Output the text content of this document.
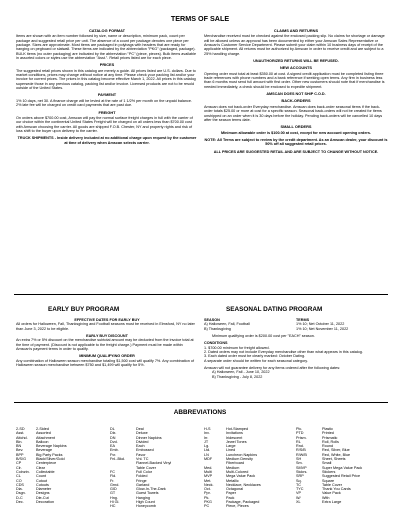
TERMS OF SALE
CATALOG FORMAT
Items are shown with an item number followed by size, name or description, minimum pack, count per package and suggested retail price per unit. The absence of a count per package denotes one piece per package. Sizes are approximate. Most items are packaged in polybags with headers that are ready for hanging on pegboard or slatwall. These items are indicated by the abbreviation "PKG" (packaged, package). BULK items (no outer packaging) are indicated by the abbreviation "PC" (piece, pieces). Bulk items available in assorted colors or styles use the abbreviation "Asst.". Retail prices listed are for each piece.
PRICES
The suggested retail prices shown in this catalog are merely a guide. All prices listed are U.S. dollars. Due to market conditions, prices may change without notice at any time. Please check your packing list and/or your invoice for current prices. The prices in this catalog become effective March 1, 2022. All prices in this catalog supersede those in any previous catalog, packing list and/or invoice. Licensed products are not to be resold outside of the United States.
PAYMENT
1% 10 days, net 30. A finance charge will be levied at the rate of 1 1/2% per month on the unpaid balance. 2% late fee will be charged on credit card payments that are past due.
FREIGHT
On orders above $700.00 cost, Amscan will pay the normal surface freight charges in full with the carrier of our choice within the continental United States Freight will be charged on all orders less than $700.00 cost with Amscan choosing the carrier. All goods are shipped F.O.B. Chester, NY and property rights and risk of loss shift to the buyer upon delivery to the carrier.
TRUCK SHIPMENTS - Inside delivery included at no additional charge upon request by the customer at time of delivery when Amscan selects carrier.
CLAIMS AND RETURNS
Merchandise received must be checked against the enclosed packing slip. No claims for shortage or damage will be allowed unless an approval has been documented by either your Amscan Sales Representative or Amscan's Customer Service Department. Please submit your claim within 10 business days of receipt of the applicable shipment. All returns must be authorized by Amscan in order to receive credit and are subject to a 25% handling charge.
UNAUTHORIZED RETURNS WILL BE REFUSED.
NEW ACCOUNTS
Opening order must total at least $350.00 at cost. A signed credit application must be completed listing three trade references with phone numbers and a bank reference if seeking open terms. Any firm in business less than 6 months must send full amount with first order. Other new customers should note that if merchandise is needed immediately, a check should be enclosed to expedite shipment.
AMSCAN DOES NOT SHIP C.O.D.
BACK-ORDERS
Amscan does not back-order Everyday merchandise. Amscan does back-order seasonal items if the back-order totals $25.00 or more at cost for a specific season. Seasonal back-orders will not be created for items unshipped on an order when it is 30 days before the holiday. Pending back-orders will be cancelled 10 days after the season terms date.
SMALL ORDERS
Minimum allowable order is $100.00 at cost, except for new account opening orders.
NOTE: All Terms are subject to review by the credit department. As an Amscan dealer, your discount is 50% off all suggested retail prices.
ALL PRICES ARE SUGGESTED RETAIL AND ARE SUBJECT TO CHANGE WITHOUT NOTICE.
EARLY BUY PROGRAM
EFFECTIVE DATES FOR EARLY BUY
All orders for Halloween, Fall, Thanksgiving and Football seasons must be received in Elmsford, NY no later than June 3, 2022 to be eligible.
EARLY BUY DISCOUNT
An extra 7% or 5% discount on the merchandise subtotal amount may be deducted from the invoice total at the time of payment. (Discount is not applicable to the freight charge.) Payment must be made within Amscan's payment terms in order to qualify.
MINIMUM QUALIFYING ORDER
Any combination of Halloween season merchandise totaling $1,500 cost will qualify 7%. Any combination of Halloween season merchandise between $750 and $1,499 will qualify for 5%.
SEASONAL DATING PROGRAM
SEASON	TERMS
A) Halloween, Fall, Football	1% 10; Net October 11, 2022
B) Thanksgiving	1% 10; Net November 11, 2022
Minimum qualifying order is $200.00 cost per "EACH" season.
CONDITIONS
1. $700.00 minimum for freight allowed.
2. Dated orders may not include Everyday merchandise other than what appears in this catalog.
3. Each dated order must be clearly marked: October Dating.
A separate order should be written for each seasonal category.
Amscan will not guarantee delivery for any items ordered after the following dates:
A) Halloween, Fall - June 10, 2022
B) Thanksgiving - July 8, 2022
ABBREVIATIONS
2-SD	2-Sided
Asst.	Assorted
Attchd.	Attachment
Bln.	Balloon
BN	Beverage Napkins
Bev.	Beverage
BPP	Big Party Packs
B/S/G	Black/Silver/Gold
CP	Centerpiece
Clr.	Clear
Colnztn.	Collectable
CL	Count
CO	Cutout
CDS	Cutouts
Dia.	Diameter
Dsgn.	Designs
D-C	Die-Cut
Dec.	Decoration
DL	Deal
Dlx.	Deluxe
DN	Dinner Napkins
Dvd.	Divided
EA	Each
Emb.	Embossed
Fvr.	Favor
Fnl.-Bkd.	Vnl. TC
Flannel-Backed Vinyl
Table Cover
FC	Full Color
Fld.	Folded
Fr.	Fringe
Grnd.	Garland
GID	Glow-In-The-Dark
GT	Guest Towels
Hng.	Hanging
Hi Gl.	High Count
HC	Honeycomb
H-S	Hot-Stamped
Inv.	Invitations
Irr.	Iridescent
JT	Jewel Tones
Lg.	Large
Ltd.	Lined
LN	Luncheon Napkins
MDF	Medium Density
Fiberboard
Med.	Medium
Multi	Multi-Colored
MVP	Mega Value Pack
Met.	Metallic
Neck.	Necklace, Necklaces
Oct.	Octagonal
Ppr.	Paper
Pk.	Pack
PKG	Package, Packaged
PC	Piece, Pieces
Plc.	Plastic
PTD	Printed
Prism.	Prismatic
RL	Roll, Rolls
Rnd.	Round
R/S/B	Red, Silver, Blue
R/W/B	Red, White, Blue
SH	Sheet, Sheets
Sm.	Small
SMVP	Super Mega Value Pack
Stckrs.	Stickers
SRP	Suggested Retail Price
Sq.	Square
TC	Table Cover
TYC	Thank You Cards
VP	Value Pack
W/	With
XL	Extra Large
